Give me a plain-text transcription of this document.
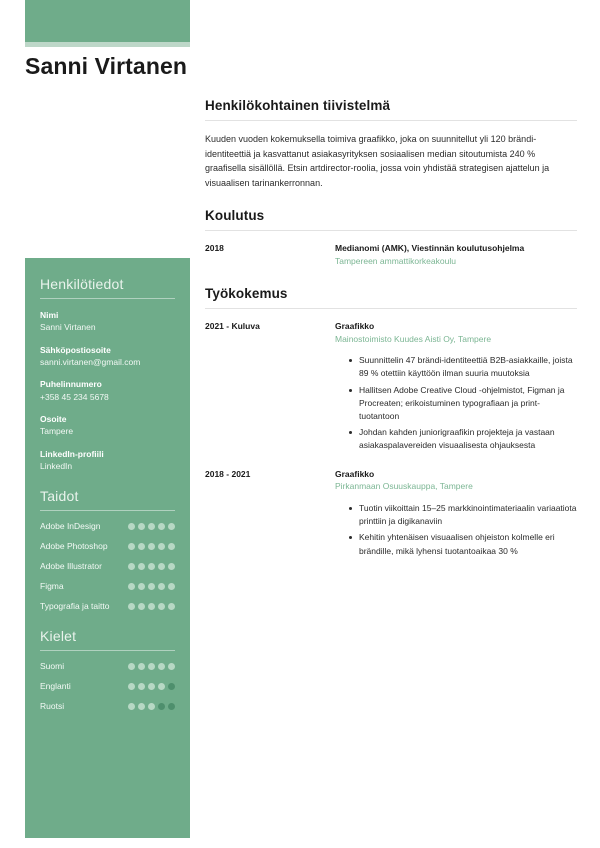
Sanni Virtanen
Henkilötiedot
Nimi
Sanni Virtanen
Sähköpostiosoite
sanni.virtanen@gmail.com
Puhelinnumero
+358 45 234 5678
Osoite
Tampere
LinkedIn-profiili
LinkedIn
Taidot
Adobe InDesign
Adobe Photoshop
Adobe Illustrator
Figma
Typografia ja taitto
Kielet
Suomi
Englanti
Ruotsi
Henkilökohtainen tiivistelmä

Kuuden vuoden kokemuksella toimiva graafikko, joka on suunnitellut yli 120 brändi-identiteettiä ja kasvattanut asiakasyrityksen sosiaalisen median sitoutumista 240 % graafisella sisällöllä. Etsin artdirector-roolia, jossa voin yhdistää strategisen ajattelun ja visuaalisen tarinankerronnan.

Koulutus
2018	Medianomi (AMK), Viestinnän koulutusohjelma
Tampereen ammattikorkeakoulu
Työkokemus
2021 - Kuluva	Graafikko
Mainostoimisto Kuudes Aisti Oy, Tampere
Suunnittelin 47 brändi-identiteettiä B2B-asiakkaille, joista 89 % otettiin käyttöön ilman suuria muutoksia
Hallitsen Adobe Creative Cloud -ohjelmistot, Figman ja Procreaten; erikoistuminen typografiaan ja print-tuotantoon
Johdan kahden juniorigraafikin projekteja ja vastaan asiakaspalavereiden visuaalisesta ohjauksesta
2018 - 2021	Graafikko
Pirkanmaan Osuuskauppa, Tampere
Tuotin viikoittain 15–25 markkinointimateriaalin variaatiota printtiin ja digikanaviin
Kehitin yhtenäisen visuaalisen ohjeiston kolmelle eri brändille, mikä lyhensi tuotantoaikaa 30 %
